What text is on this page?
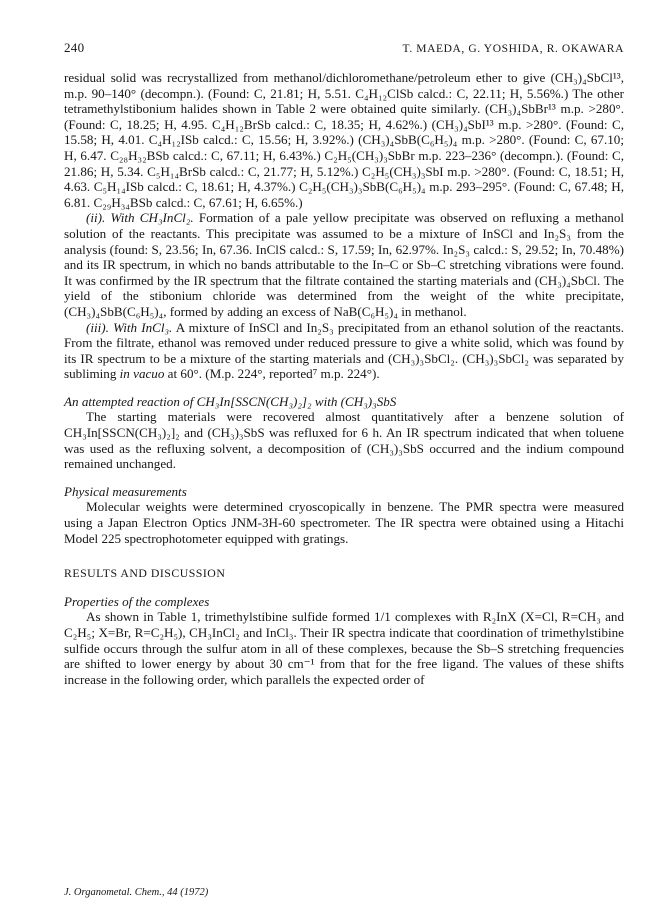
240	T. MAEDA, G. YOSHIDA, R. OKAWARA

residual solid was recrystallized from methanol/dichloromethane/petroleum ether to give (CH₃)₄SbCl¹³, m.p. 90–140° (decompn.). (Found: C, 21.81; H, 5.51. C₄H₁₂ClSb calcd.: C, 22.11; H, 5.56%.) The other tetramethylstibonium halides shown in Table 2 were obtained quite similarly. (CH₃)₄SbBr¹³ m.p. >280°. (Found: C, 18.25; H, 4.95. C₄H₁₂BrSb calcd.: C, 18.35; H, 4.62%.) (CH₃)₄SbI¹³ m.p. >280°. (Found: C, 15.58; H, 4.01. C₄H₁₂ISb calcd.: C, 15.56; H, 3.92%.) (CH₃)₄SbB(C₆H₅)₄ m.p. >280°. (Found: C, 67.10; H, 6.47. C₂₈H₃₂BSb calcd.: C, 67.11; H, 6.43%.) C₂H₅(CH₃)₃SbBr m.p. 223–236° (decompn.). (Found: C, 21.86; H, 5.34. C₅H₁₄BrSb calcd.: C, 21.77; H, 5.12%.) C₂H₅(CH₃)₃SbI m.p. >280°. (Found: C, 18.51; H, 4.63. C₅H₁₄ISb calcd.: C, 18.61; H, 4.37%.) C₂H₅(CH₃)₃SbB(C₆H₅)₄ m.p. 293–295°. (Found: C, 67.48; H, 6.81. C₂₉H₃₄BSb calcd.: C, 67.61; H, 6.65%.)

(ii). With CH₃InCl₂. Formation of a pale yellow precipitate was observed on refluxing a methanol solution of the reactants. This precipitate was assumed to be a mixture of InSCl and In₂S₃ from the analysis (found: S, 23.56; In, 67.36. InClS calcd.: S, 17.59; In, 62.97%. In₂S₃ calcd.: S, 29.52; In, 70.48%) and its IR spectrum, in which no bands attributable to the In–C or Sb–C stretching vibrations were found. It was confirmed by the IR spectrum that the filtrate contained the starting materials and (CH₃)₄SbCl. The yield of the stibonium chloride was determined from the weight of the white precipitate, (CH₃)₄SbB(C₆H₅)₄, formed by adding an excess of NaB(C₆H₅)₄ in methanol.

(iii). With InCl₃. A mixture of InSCl and In₂S₃ precipitated from an ethanol solution of the reactants. From the filtrate, ethanol was removed under reduced pressure to give a white solid, which was found by its IR spectrum to be a mixture of the starting materials and (CH₃)₃SbCl₂. (CH₃)₃SbCl₂ was separated by subliming in vacuo at 60°. (M.p. 224°, reported⁷ m.p. 224°).

An attempted reaction of CH₃In[SSCN(CH₃)₂]₂ with (CH₃)₃SbS

The starting materials were recovered almost quantitatively after a benzene solution of CH₃In[SSCN(CH₃)₂]₂ and (CH₃)₃SbS was refluxed for 6 h. An IR spectrum indicated that when toluene was used as the refluxing solvent, a decomposition of (CH₃)₃SbS occurred and the indium compound remained unchanged.

Physical measurements

Molecular weights were determined cryoscopically in benzene. The PMR spectra were measured using a Japan Electron Optics JNM-3H-60 spectrometer. The IR spectra were obtained using a Hitachi Model 225 spectrophotometer equipped with gratings.

RESULTS AND DISCUSSION

Properties of the complexes

As shown in Table 1, trimethylstibine sulfide formed 1/1 complexes with R₂InX (X=Cl, R=CH₃ and C₂H₅; X=Br, R=C₂H₅), CH₃InCl₂ and InCl₃. Their IR spectra indicate that coordination of trimethylstibine sulfide occurs through the sulfur atom in all of these complexes, because the Sb–S stretching frequencies are shifted to lower energy by about 30 cm⁻¹ from that for the free ligand. The values of these shifts increase in the following order, which parallels the expected order of

J. Organometal. Chem., 44 (1972)
